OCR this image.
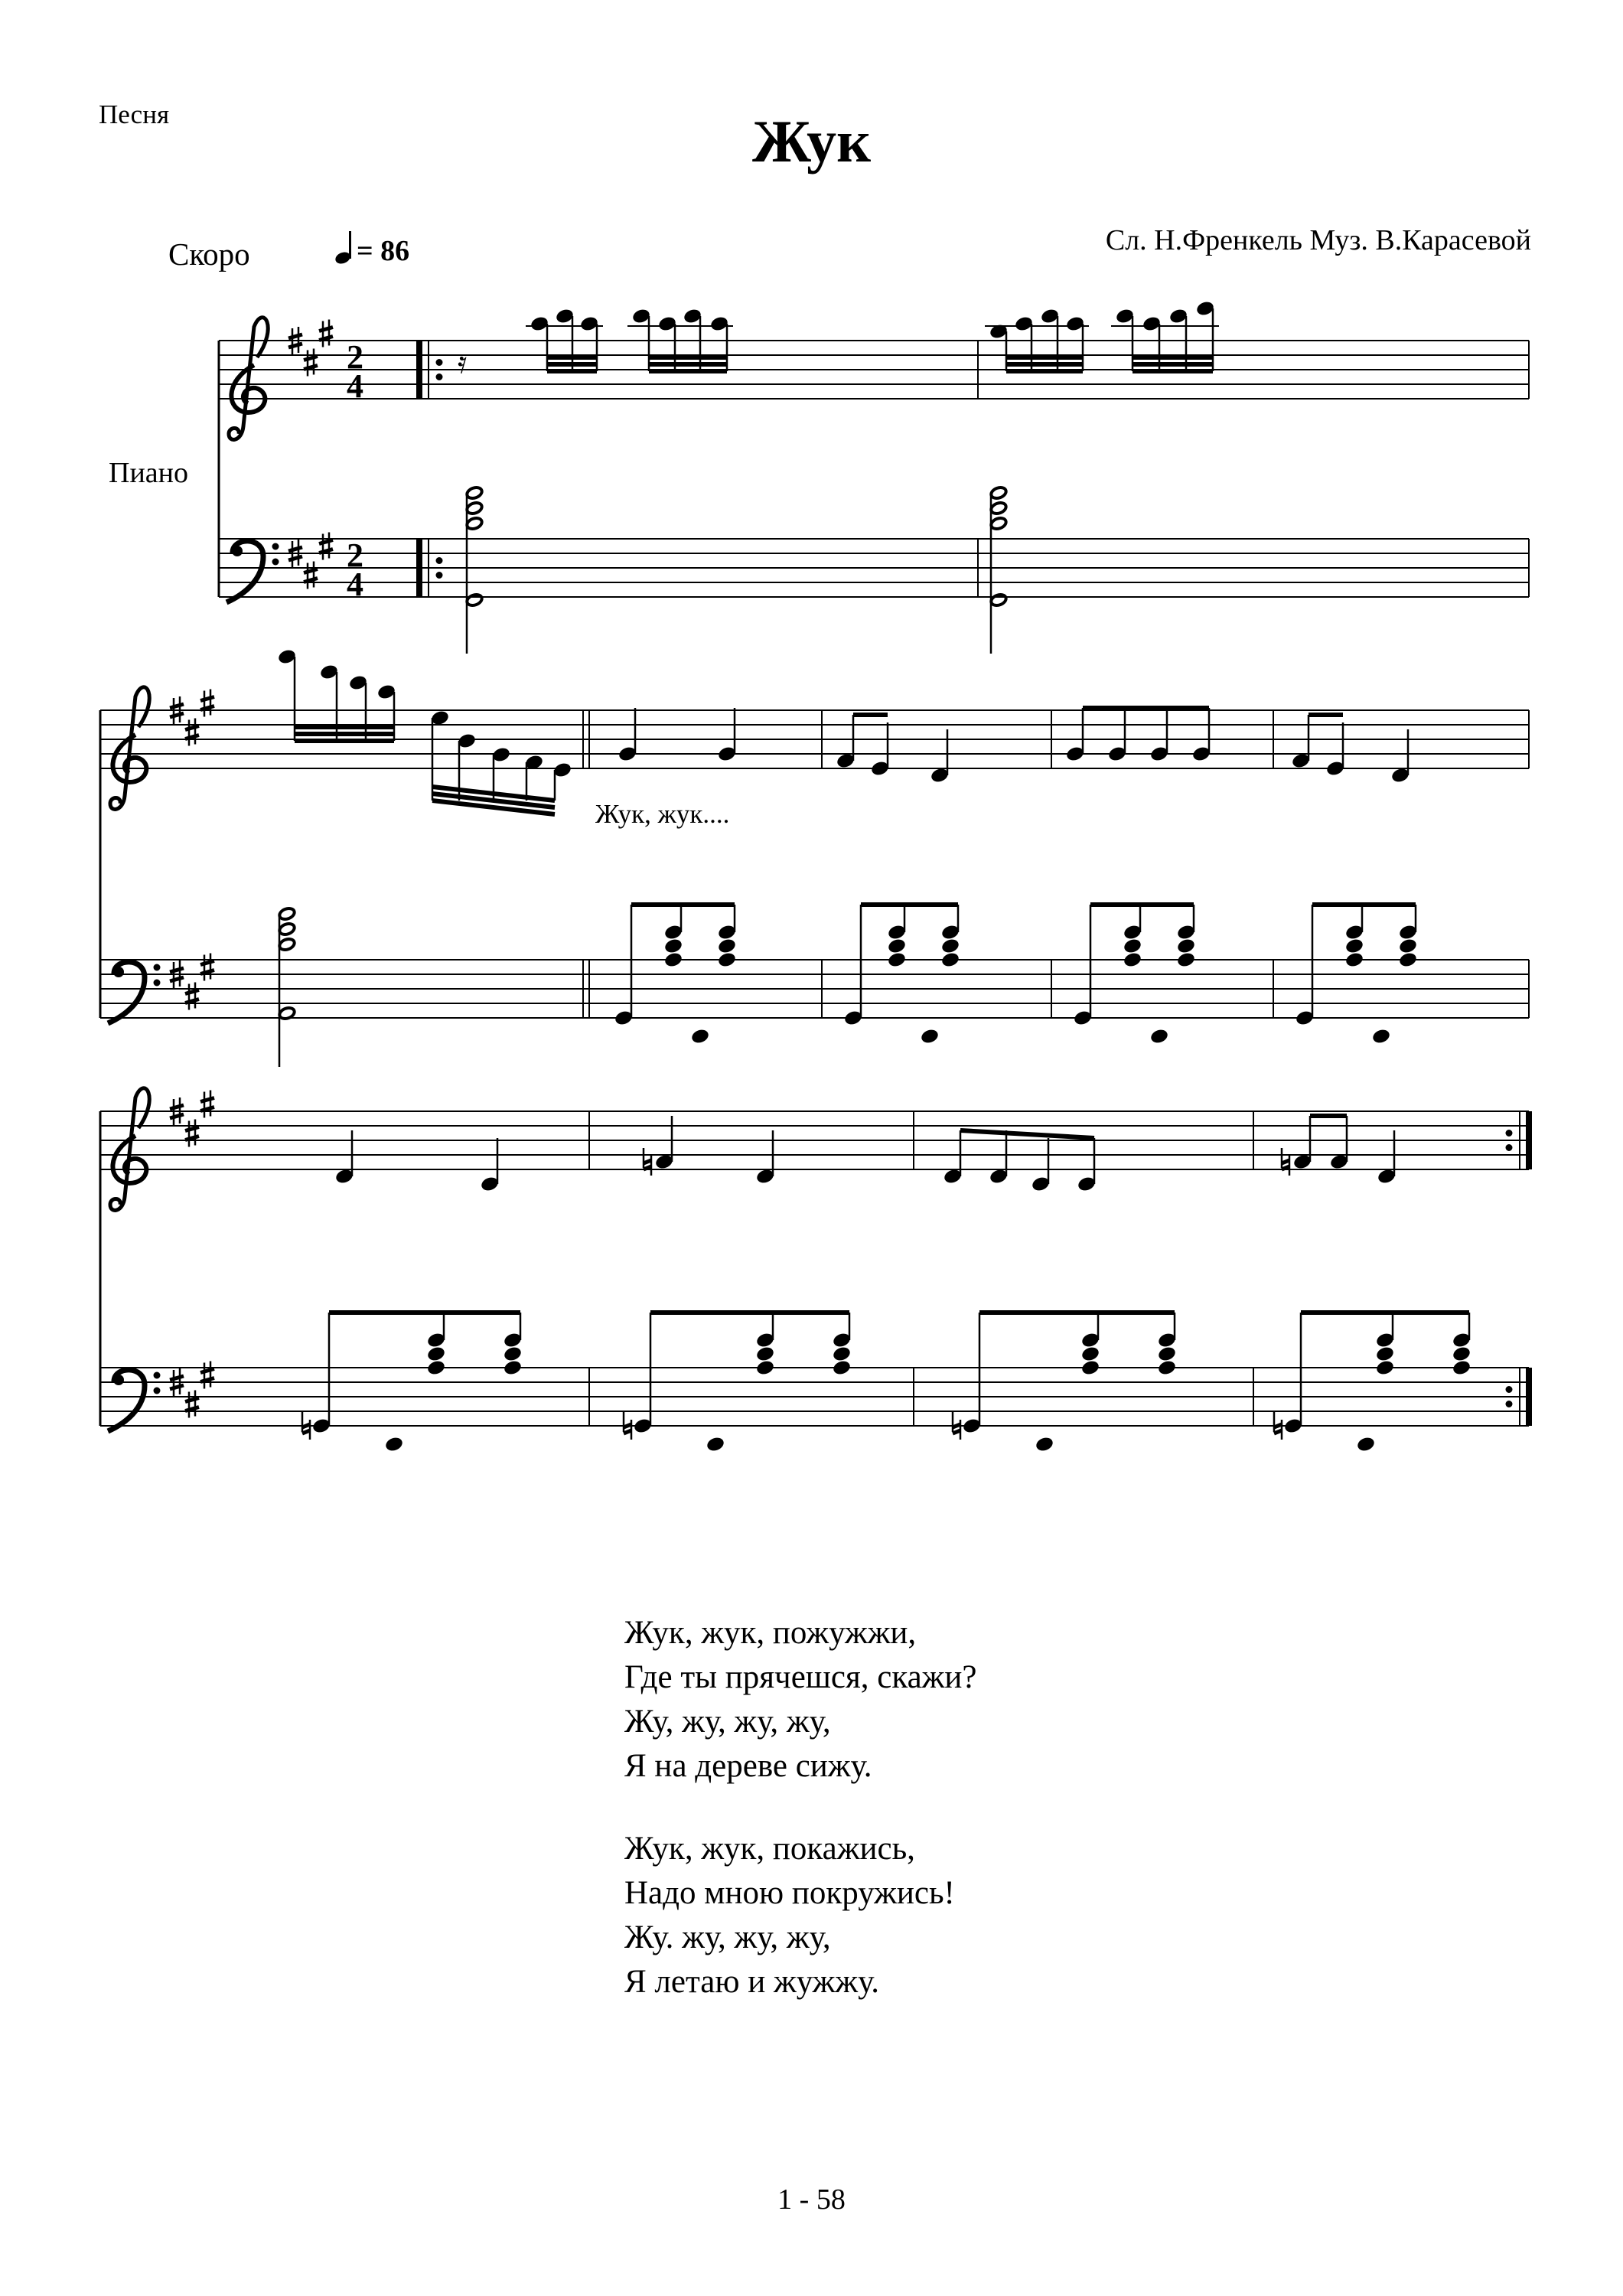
Песня	Жук
Скоро	= 86	Сл. Н.Френкель Муз. В.Карасевой
Пиано
2
2
4
4
𝄿
Жук, жук....
Жук, жук, пожужжи,
Где ты прячешся, скажи?
Жу, жу, жу, жу,
Я на дереве сижу.
Жук, жук, покажись,
Надо мною покружись!
Жу. жу, жу, жу,
Я летаю и жужжу.
1 - 58
